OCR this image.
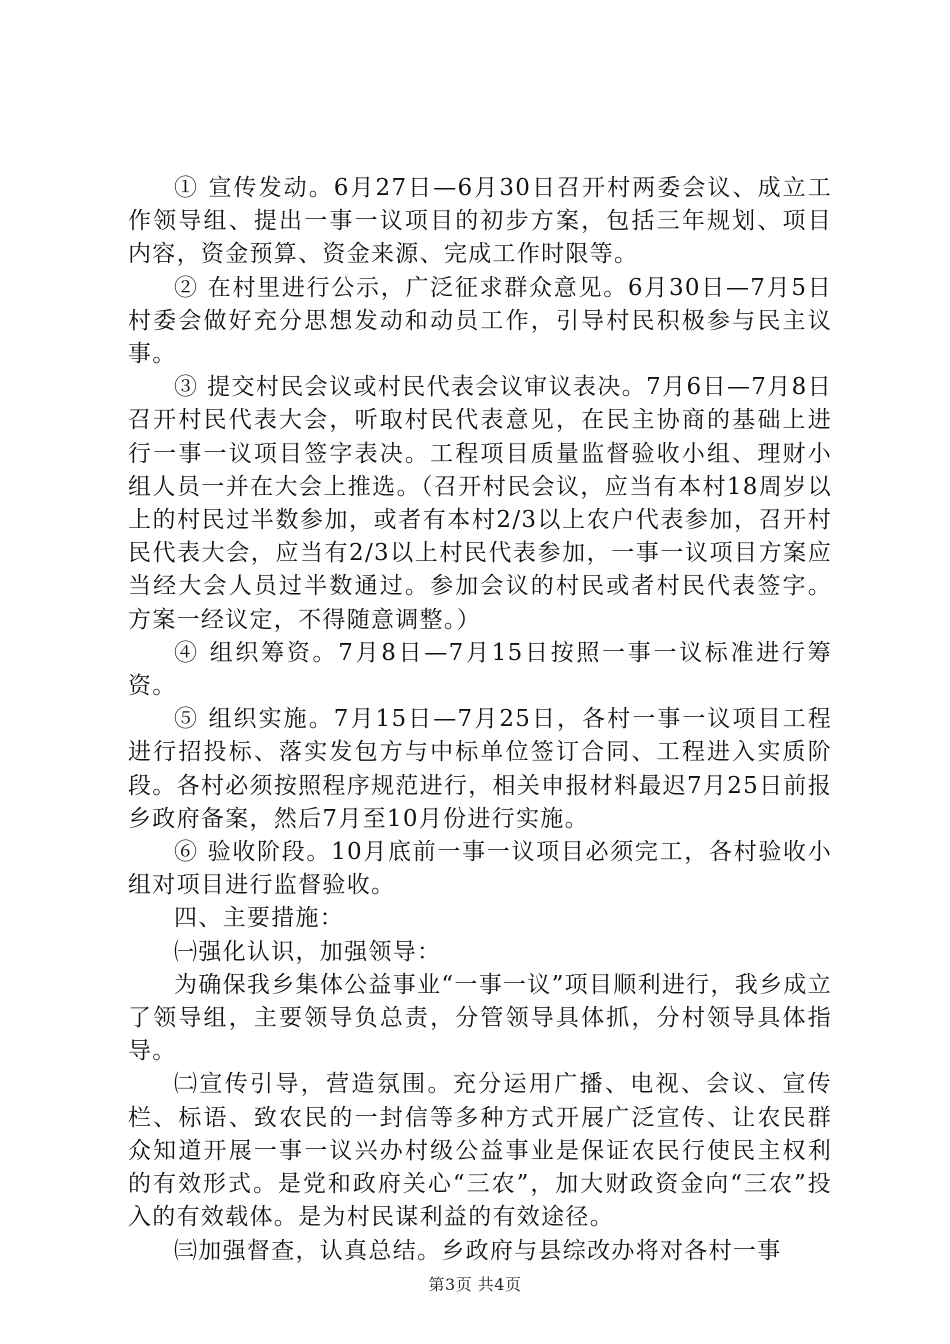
① 宣传发动。6月27日—6月30日召开村两委会议、成立工作领导组、提出一事一议项目的初步方案，包括三年规划、项目内容，资金预算、资金来源、完成工作时限等。

② 在村里进行公示，广泛征求群众意见。6月30日—7月5日村委会做好充分思想发动和动员工作，引导村民积极参与民主议事。

③ 提交村民会议或村民代表会议审议表决。7月6日—7月8日召开村民代表大会，听取村民代表意见，在民主协商的基础上进行一事一议项目签字表决。工程项目质量监督验收小组、理财小组人员一并在大会上推选。（召开村民会议，应当有本村18周岁以上的村民过半数参加，或者有本村2/3以上农户代表参加，召开村民代表大会，应当有2/3以上村民代表参加，一事一议项目方案应当经大会人员过半数通过。参加会议的村民或者村民代表签字。方案一经议定，不得随意调整。）

④ 组织筹资。7月8日—7月15日按照一事一议标准进行筹资。

⑤ 组织实施。7月15日—7月25日，各村一事一议项目工程进行招投标、落实发包方与中标单位签订合同、工程进入实质阶段。各村必须按照程序规范进行，相关申报材料最迟7月25日前报乡政府备案，然后7月至10月份进行实施。

⑥ 验收阶段。10月底前一事一议项目必须完工，各村验收小组对项目进行监督验收。

四、主要措施：

㈠强化认识，加强领导：

为确保我乡集体公益事业“一事一议”项目顺利进行，我乡成立了领导组，主要领导负总责，分管领导具体抓，分村领导具体指导。

㈡宣传引导，营造氛围。充分运用广播、电视、会议、宣传栏、标语、致农民的一封信等多种方式开展广泛宣传、让农民群众知道开展一事一议兴办村级公益事业是保证农民行使民主权利的有效形式。是党和政府关心“三农”，加大财政资金向“三农”投入的有效载体。是为村民谋利益的有效途径。

㈢加强督查，认真总结。乡政府与县综改办将对各村一事

第3页 共4页
